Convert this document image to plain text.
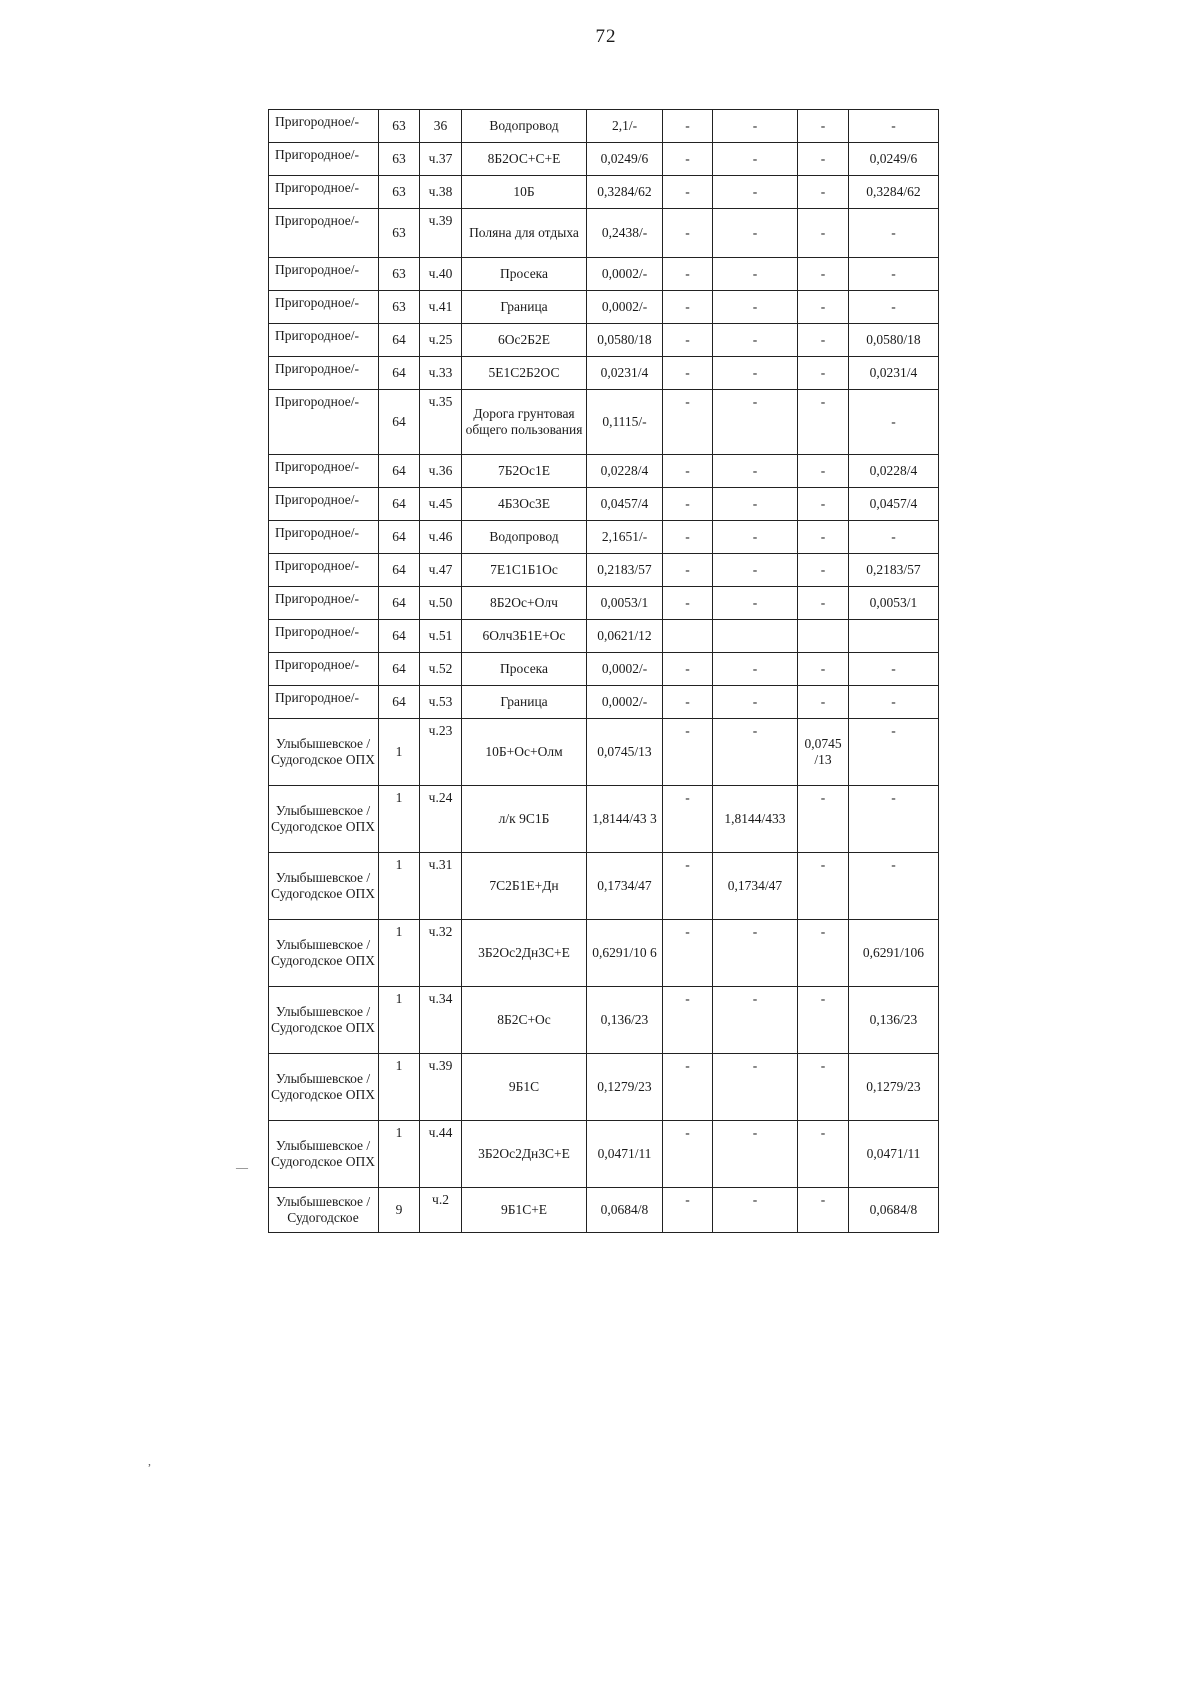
72
Пригородное/-	63	36	Водопровод	2,1/-	-	-	-	-
Пригородное/-	63	ч.37	8Б2ОС+С+Е	0,0249/6	-	-	-	0,0249/6
Пригородное/-	63	ч.38	10Б	0,3284/62	-	-	-	0,3284/62
Пригородное/-	63	ч.39	Поляна для отдыха	0,2438/-	-	-	-	-
Пригородное/-	63	ч.40	Просека	0,0002/-	-	-	-	-
Пригородное/-	63	ч.41	Граница	0,0002/-	-	-	-	-
Пригородное/-	64	ч.25	6Ос2Б2Е	0,0580/18	-	-	-	0,0580/18
Пригородное/-	64	ч.33	5Е1С2Б2ОС	0,0231/4	-	-	-	0,0231/4
Пригородное/-	64	ч.35	Дорога грунтовая общего пользования	0,1115/-	-	-	-	-
Пригородное/-	64	ч.36	7Б2Ос1Е	0,0228/4	-	-	-	0,0228/4
Пригородное/-	64	ч.45	4Б3Ос3Е	0,0457/4	-	-	-	0,0457/4
Пригородное/-	64	ч.46	Водопровод	2,1651/-	-	-	-	-
Пригородное/-	64	ч.47	7Е1С1Б1Ос	0,2183/57	-	-	-	0,2183/57
Пригородное/-	64	ч.50	8Б2Ос+Олч	0,0053/1	-	-	-	0,0053/1
Пригородное/-	64	ч.51	6Олч3Б1Е+Ос	0,0621/12				
Пригородное/-	64	ч.52	Просека	0,0002/-	-	-	-	-
Пригородное/-	64	ч.53	Граница	0,0002/-	-	-	-	-
Улыбышевское /Судогодское ОПХ	1	ч.23	10Б+Ос+Олм	0,0745/13	-	-	0,0745 /13	-
Улыбышевское /Судогодское ОПХ	1	ч.24	л/к 9С1Б	1,8144/43 3	-	1,8144/433	-	-
Улыбышевское /Судогодское ОПХ	1	ч.31	7С2Б1Е+Дн	0,1734/47	-	0,1734/47	-	-
Улыбышевское /Судогодское ОПХ	1	ч.32	3Б2Ос2Дн3С+Е	0,6291/10 6	-	-	-	0,6291/106
Улыбышевское /Судогодское ОПХ	1	ч.34	8Б2С+Ос	0,136/23	-	-	-	0,136/23
Улыбышевское /Судогодское ОПХ	1	ч.39	9Б1С	0,1279/23	-	-	-	0,1279/23
Улыбышевское /Судогодское ОПХ	1	ч.44	3Б2Ос2Дн3С+Е	0,0471/11	-	-	-	0,0471/11
Улыбышевское /Судогодское	9	ч.2	9Б1С+Е	0,0684/8	-	-	-	0,0684/8
—
,
